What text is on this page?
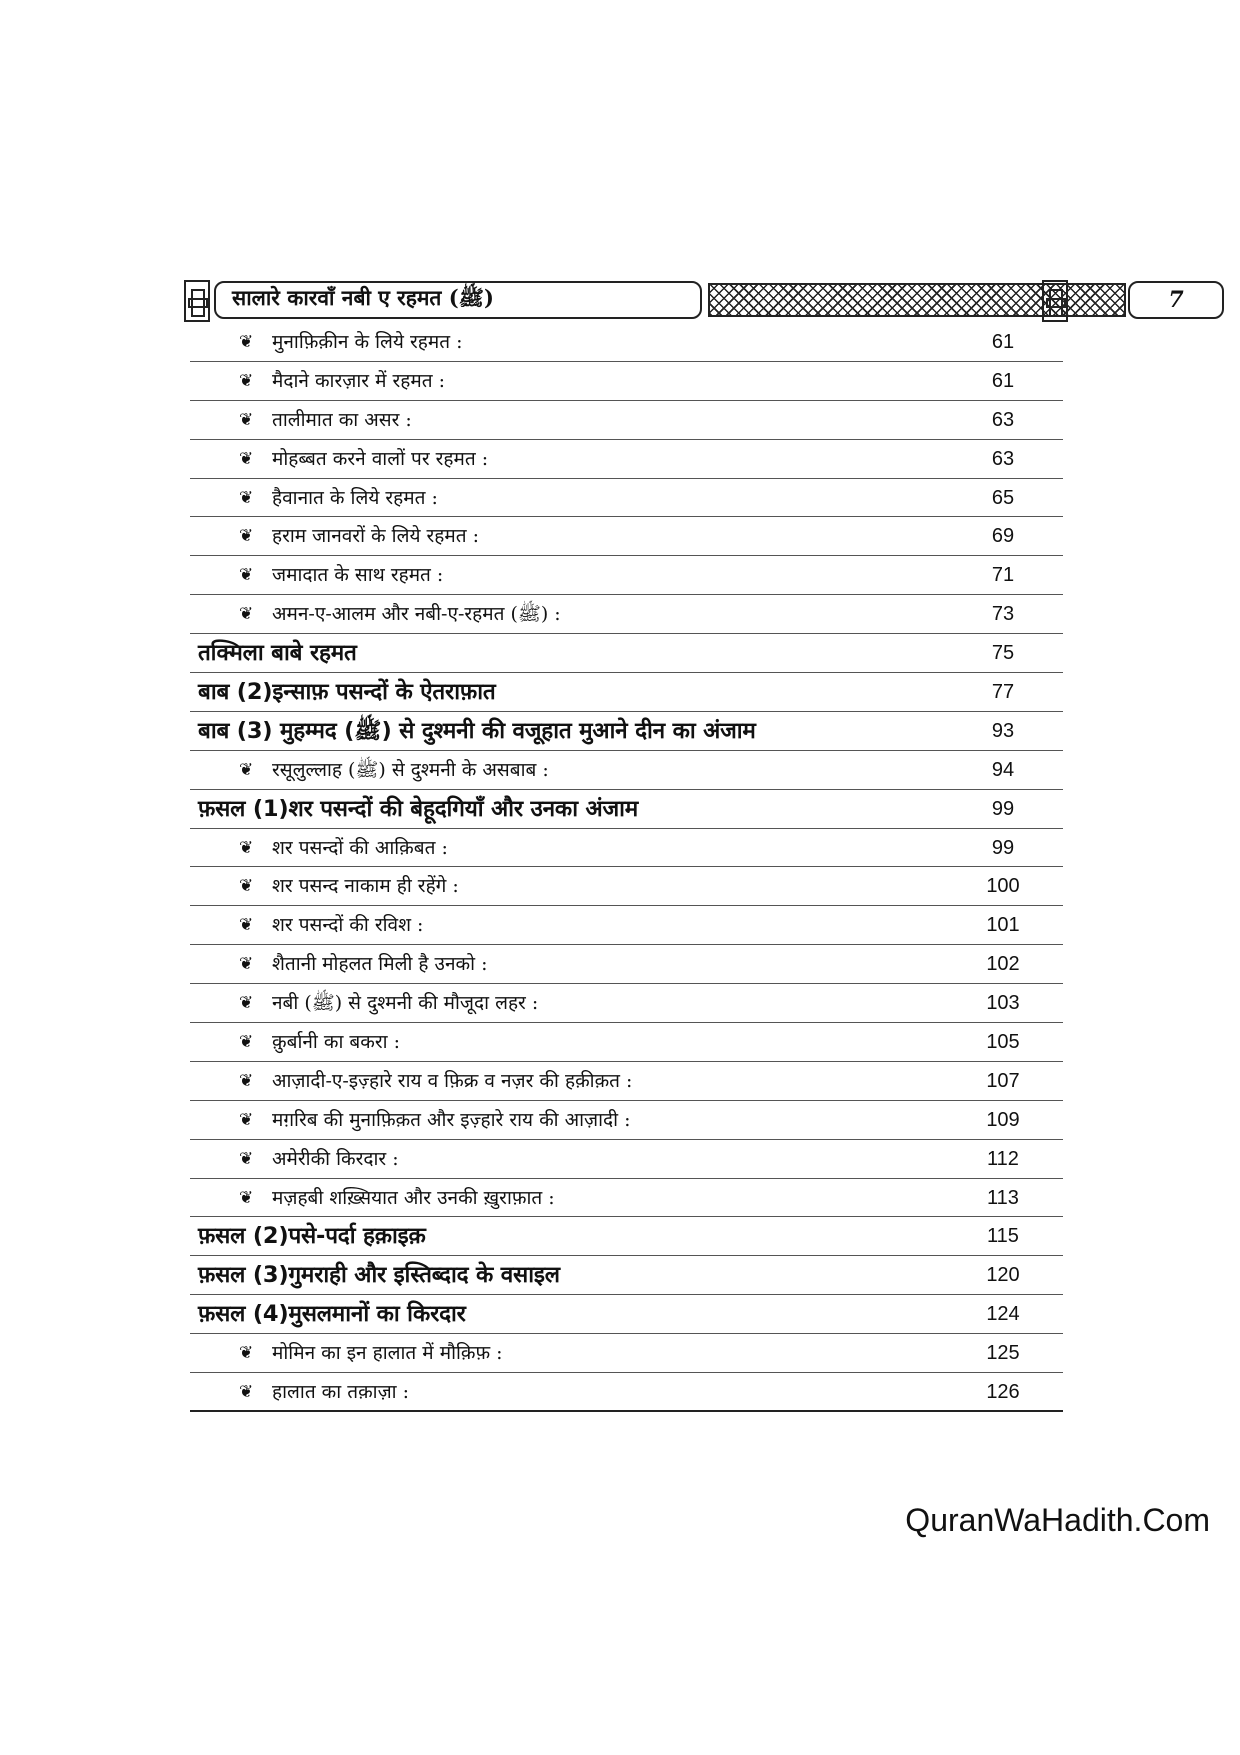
सालारे कारवाँ नबी ए रहमत (ﷺ)	7
❦ मुनाफ़िक़ीन के लिये रहमत :	61
❦ मैदाने कारज़ार में रहमत :	61
❦ तालीमात का असर :	63
❦ मोहब्बत करने वालों पर रहमत :	63
❦ हैवानात के लिये रहमत :	65
❦ हराम जानवरों के लिये रहमत :	69
❦ जमादात के साथ रहमत :	71
❦ अमन-ए-आलम और नबी-ए-रहमत (ﷺ) :	73
तक्मिला बाबे रहमत	75
बाब (2)इन्साफ़ पसन्दों के ऐतराफ़ात	77
बाब (3) मुहम्मद (ﷺ) से दुश्मनी की वजूहात मुआने दीन का अंजाम	93
❦ रसूलुल्लाह (ﷺ) से दुश्मनी के असबाब :	94
फ़सल (1)शर पसन्दों की बेहूदगियाँ और उनका अंजाम	99
❦ शर पसन्दों की आक़िबत :	99
❦ शर पसन्द नाकाम ही रहेंगे :	100
❦ शर पसन्दों की रविश :	101
❦ शैतानी मोहलत मिली है उनको :	102
❦ नबी (ﷺ) से दुश्मनी की मौजूदा लहर :	103
❦ क़ुर्बानी का बकरा :	105
❦ आज़ादी-ए-इज़्हारे राय व फ़िक्र व नज़र की हक़ीक़त :	107
❦ मग़रिब की मुनाफ़िक़त और इज़्हारे राय की आज़ादी :	109
❦ अमेरीकी किरदार :	112
❦ मज़हबी शख़्सियात और उनकी ख़ुराफ़ात :	113
फ़सल (2)पसे-पर्दा हक़ाइक़	115
फ़सल (3)गुमराही और इस्तिब्दाद के वसाइल	120
फ़सल (4)मुसलमानों का किरदार	124
❦ मोमिन का इन हालात में मौक़िफ़ :	125
❦ हालात का तक़ाज़ा :	126
QuranWaHadith.Com
